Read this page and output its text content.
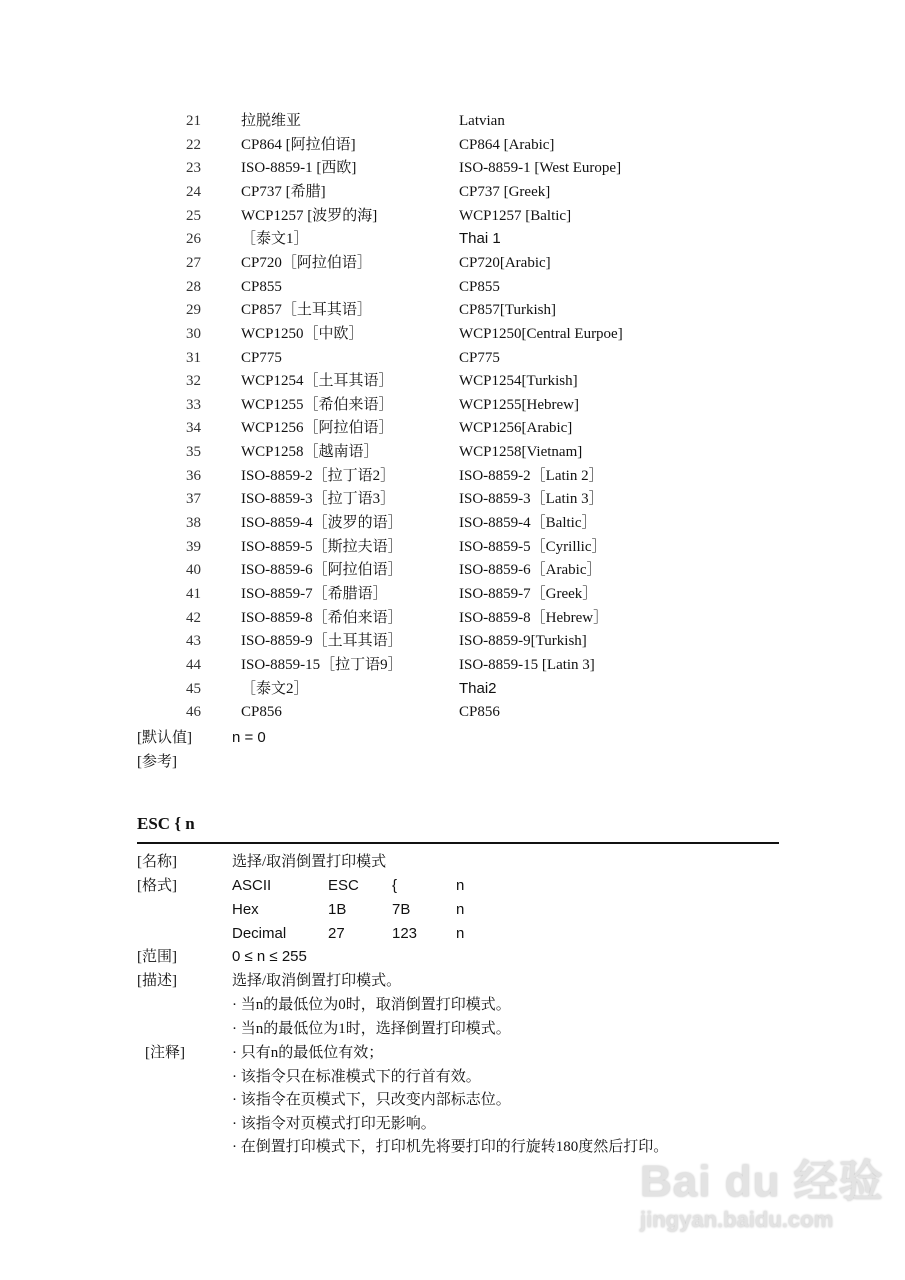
ESC { n
Bai du 经验
jingyan.baidu.com
21	拉脱维亚	Latvian
22	CP864 [阿拉伯语]	CP864 [Arabic]
23	ISO-8859-1 [西欧]	ISO-8859-1 [West Europe]
24	CP737 [希腊]	CP737 [Greek]
25	WCP1257 [波罗的海]	WCP1257 [Baltic]
26	［泰文1］	Thai 1
27	CP720［阿拉伯语］	CP720[Arabic]
28	CP855	CP855
29	CP857［土耳其语］	CP857[Turkish]
30	WCP1250［中欧］	WCP1250[Central Eurpoe]
31	CP775	CP775
32	WCP1254［土耳其语］	WCP1254[Turkish]
33	WCP1255［希伯来语］	WCP1255[Hebrew]
34	WCP1256［阿拉伯语］	WCP1256[Arabic]
35	WCP1258［越南语］	WCP1258[Vietnam]
36	ISO-8859-2［拉丁语2］	ISO-8859-2［Latin 2］
37	ISO-8859-3［拉丁语3］	ISO-8859-3［Latin 3］
38	ISO-8859-4［波罗的语］	ISO-8859-4［Baltic］
39	ISO-8859-5［斯拉夫语］	ISO-8859-5［Cyrillic］
40	ISO-8859-6［阿拉伯语］	ISO-8859-6［Arabic］
41	ISO-8859-7［希腊语］	ISO-8859-7［Greek］
42	ISO-8859-8［希伯来语］	ISO-8859-8［Hebrew］
43	ISO-8859-9［土耳其语］	ISO-8859-9[Turkish]
44	ISO-8859-15［拉丁语9］	ISO-8859-15 [Latin 3]
45	［泰文2］	Thai2
46	CP856	CP856
[默认值]	n = 0
[参考]
[名称]	选择/取消倒置打印模式
[格式]	ASCII	ESC {	n
Hex	1B	7B	n
Decimal	27	123	n
[范围]	0 ≤ n ≤ 255
[描述]	选择/取消倒置打印模式。
· 当n的最低位为0时，取消倒置打印模式。
· 当n的最低位为1时，选择倒置打印模式。
[注释]	· 只有n的最低位有效；
· 该指令只在标准模式下的行首有效。
· 该指令在页模式下，只改变内部标志位。
· 该指令对页模式打印无影响。
· 在倒置打印模式下，打印机先将要打印的行旋转180度然后打印。
